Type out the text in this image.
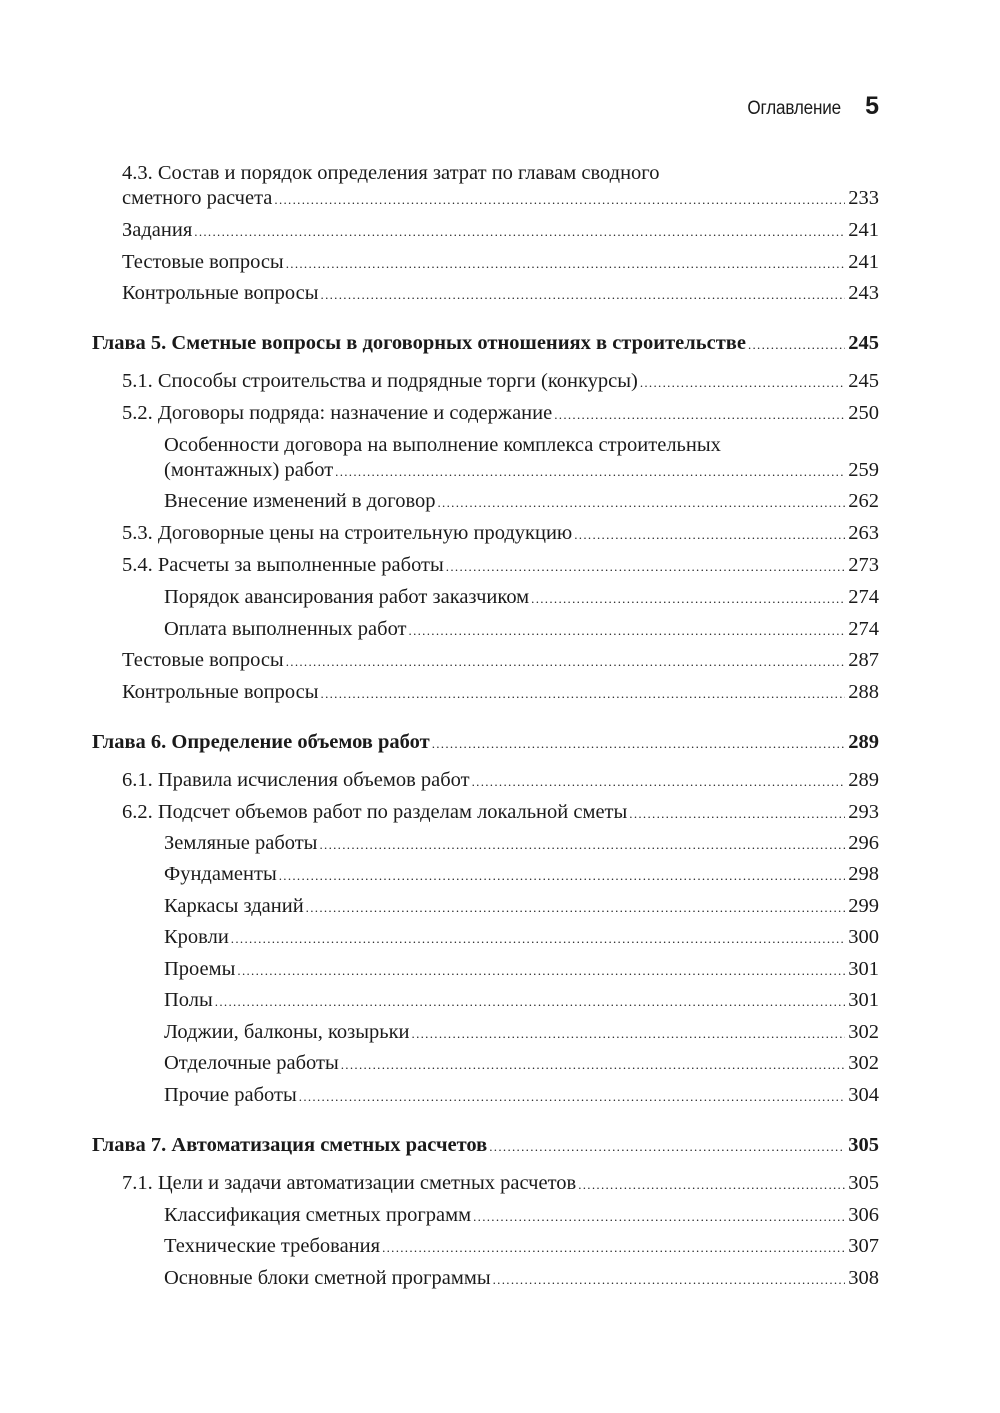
Оглавление 5
4.3. Состав и порядок определения затрат по главам сводного
сметного расчета .....	233
Задания .....	241
Тестовые вопросы .....	241
Контрольные вопросы .....	243
Глава 5. Сметные вопросы в договорных отношениях в строительстве .....	245
5.1. Способы строительства и подрядные торги (конкурсы) .....	245
5.2. Договоры подряда: назначение и содержание .....	250
Особенности договора на выполнение комплекса строительных
(монтажных) работ .....	259
Внесение изменений в договор .....	262
5.3. Договорные цены на строительную продукцию .....	263
5.4. Расчеты за выполненные работы .....	273
Порядок авансирования работ заказчиком .....	274
Оплата выполненных работ .....	274
Тестовые вопросы .....	287
Контрольные вопросы .....	288
Глава 6. Определение объемов работ .....	289
6.1. Правила исчисления объемов работ .....	289
6.2. Подсчет объемов работ по разделам локальной сметы .....	293
Земляные работы .....	296
Фундаменты .....	298
Каркасы зданий .....	299
Кровли .....	300
Проемы .....	301
Полы .....	301
Лоджии, балконы, козырьки .....	302
Отделочные работы .....	302
Прочие работы .....	304
Глава 7. Автоматизация сметных расчетов .....	305
7.1. Цели и задачи автоматизации сметных расчетов .....	305
Классификация сметных программ .....	306
Технические требования .....	307
Основные блоки сметной программы .....	308
